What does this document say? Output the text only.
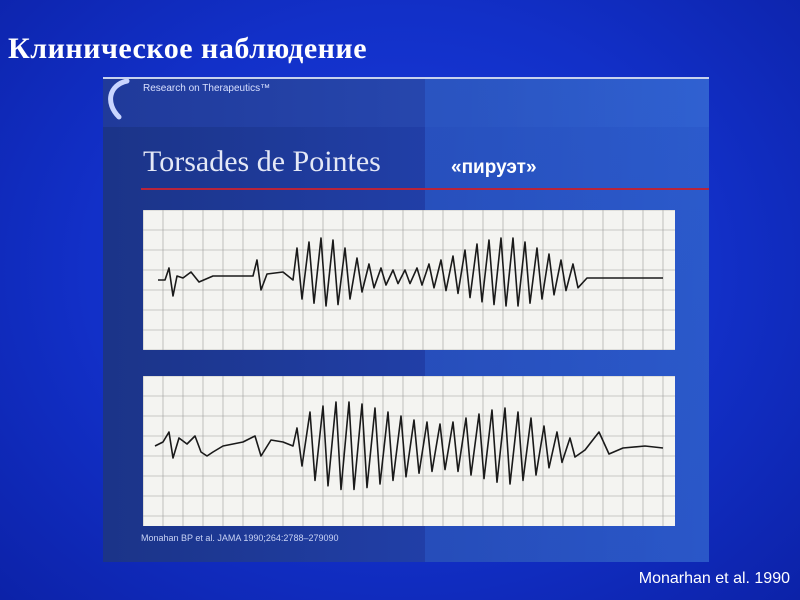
Клиническое наблюдение
Research on Therapeutics™
Torsades de Pointes	«пируэт»
Monahan BP et al. JAMA 1990;264:2788–279090
Monarhan et al. 1990
